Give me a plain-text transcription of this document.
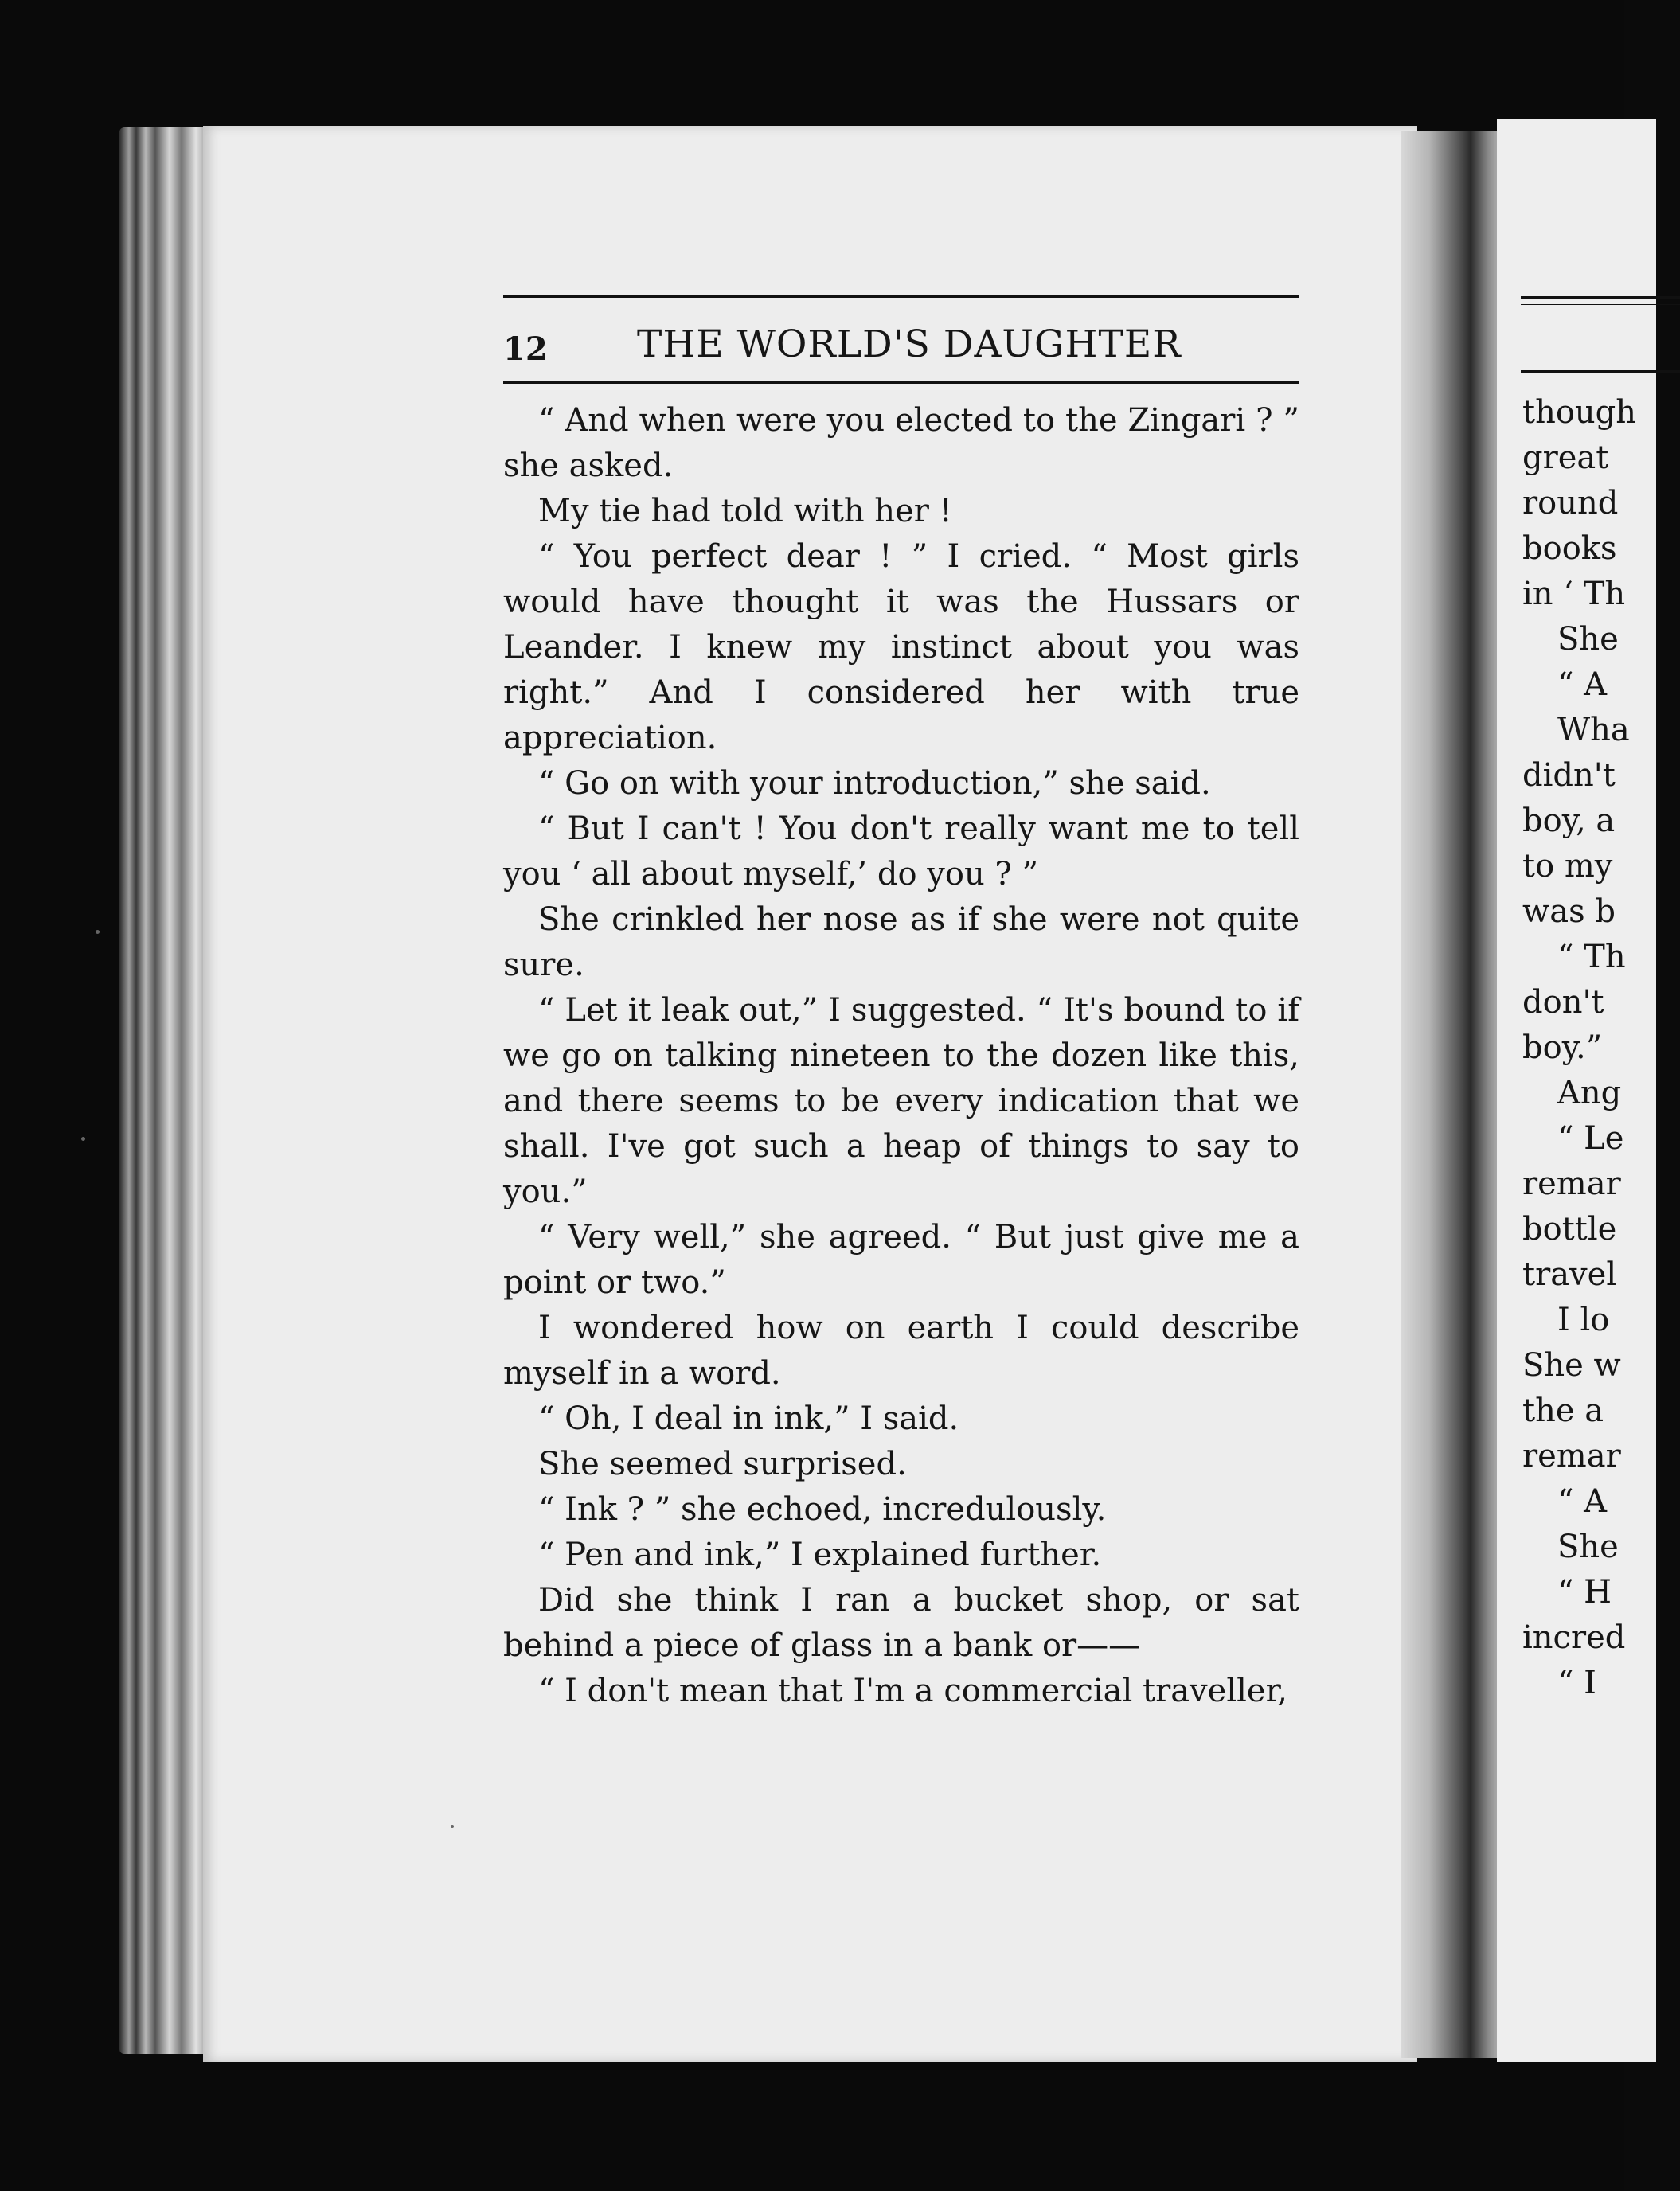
12 THE WORLD'S DAUGHTER

“ And when were you elected to the Zingari ? ” she asked.

My tie had told with her !

“ You perfect dear ! ” I cried. “ Most girls would have thought it was the Hussars or Leander. I knew my instinct about you was right.” And I considered her with true appreciation.

“ Go on with your introduction,” she said.

“ But I can't ! You don't really want me to tell you ‘ all about myself,’ do you ? ”

She crinkled her nose as if she were not quite sure.

“ Let it leak out,” I suggested. “ It's bound to if we go on talking nineteen to the dozen like this, and there seems to be every indication that we shall. I've got such a heap of things to say to you.”

“ Very well,” she agreed. “ But just give me a point or two.”

I wondered how on earth I could describe myself in a word.

“ Oh, I deal in ink,” I said.

She seemed surprised.

“ Ink ? ” she echoed, incredulously.

“ Pen and ink,” I explained further.

Did she think I ran a bucket shop, or sat behind a piece of glass in a bank or——

“ I don't mean that I'm a commercial traveller,

though
great
round
books
in ‘ Th
She
“ A
Wha
didn't
boy, a
to my
was b
“ Th
don't
boy.”
Ang
“ Le
remar
bottle
travel
I lo
She w
the a
remar
“ A
She
“ H
incred
“ I
